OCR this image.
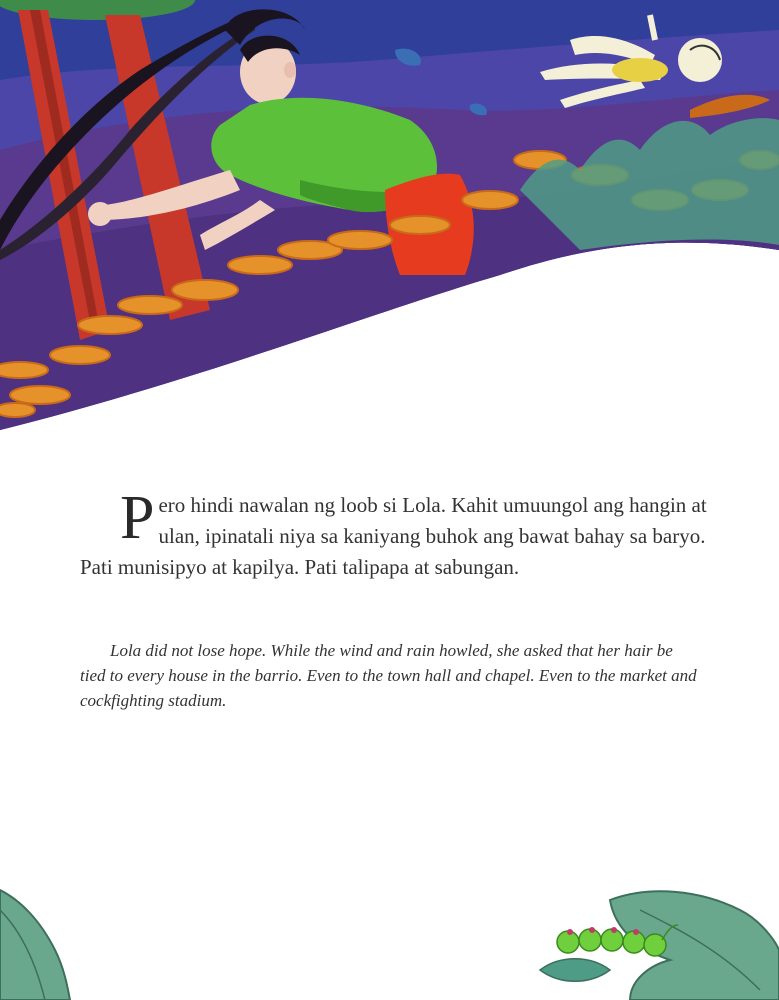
Pero hindi nawalan ng loob si Lola. Kahit umuungol ang hangin at ulan, ipinatali niya sa kaniyang buhok ang bawat bahay sa baryo. Pati munisipyo at kapilya. Pati talipapa at sabungan.
Lola did not lose hope. While the wind and rain howled, she asked that her hair be tied to every house in the barrio. Even to the town hall and chapel. Even to the market and cockfighting stadium.
